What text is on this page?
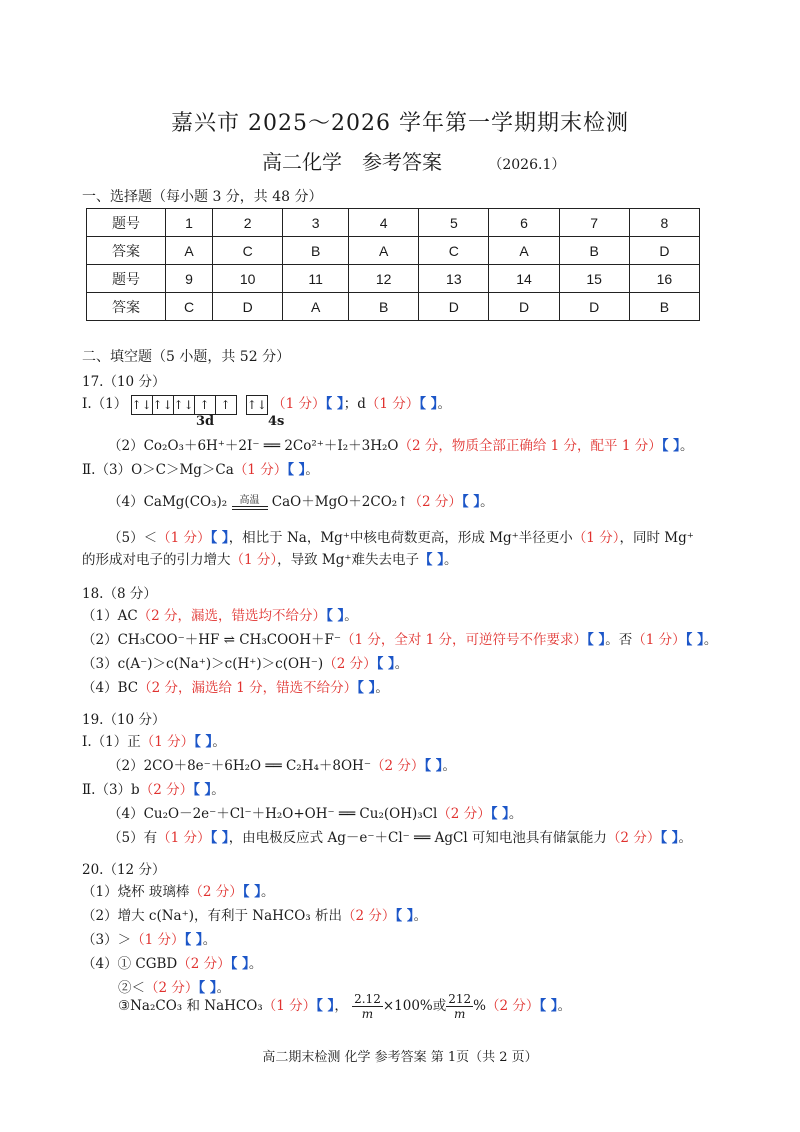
嘉兴市 2025～2026 学年第一学期期末检测
高二化学　参考答案	（2026.1）
一、选择题（每小题 3 分，共 48 分）
题号	1	2	3	4	5	6	7	8
答案	A	C	B	A	C	A	B	D
题号	9	10	11	12	13	14	15	16
答案	C	D	A	B	D	D	D	B
二、填空题（5 小题，共 52 分）
17.（10 分）
Ⅰ.（1） ↑↓↑↓↑↓ ↑ ↑ ↑↓ （1 分）【 】；d（1 分）【 】。
3d	4s
（2）Co₂O₃＋6H⁺＋2I⁻ ══ 2Co²⁺＋I₂＋3H₂O（2 分，物质全部正确给 1 分，配平 1 分）【 】。
Ⅱ.（3）O＞C＞Mg＞Ca（1 分）【 】。
（4）CaMg(CO₃)₂	高温 CaO＋MgO＋2CO₂↑（2 分）【 】。
（5）＜（1 分）【 】，相比于 Na，Mg⁺中核电荷数更高，形成 Mg⁺半径更小（1 分），同时 Mg⁺
的形成对电子的引力增大（1 分），导致 Mg⁺难失去电子【 】。
18.（8 分）
（1）AC（2 分，漏选，错选均不给分）【 】。
（2）CH₃COO⁻＋HF ⇌ CH₃COOH＋F⁻（1 分，全对 1 分，可逆符号不作要求）【 】。否（1 分）【 】。
（3）c(A⁻)＞c(Na⁺)＞c(H⁺)＞c(OH⁻)（2 分）【 】。
（4）BC（2 分，漏选给 1 分，错选不给分）【 】。
19.（10 分）
Ⅰ.（1）正（1 分）【 】。
（2）2CO＋8e⁻＋6H₂O ══ C₂H₄＋8OH⁻（2 分）【 】。
Ⅱ.（3）b（2 分）【 】。
（4）Cu₂O－2e⁻＋Cl⁻＋H₂O+OH⁻ ══ Cu₂(OH)₃Cl（2 分）【 】。
（5）有（1 分）【 】，由电极反应式 Ag－e⁻＋Cl⁻ ══ AgCl 可知电池具有储氯能力（2 分）【 】。
20.（12 分）
（1）烧杯 玻璃棒（2 分）【 】。
（2）增大 c(Na⁺)，有利于 NaHCO₃ 析出（2 分）【 】。
（3）＞（1 分）【 】。
（4）① CGBD（2 分）【 】。
②＜（2 分）【 】。
③Na₂CO₃ 和 NaHCO₃（1 分）【 】， $\frac{2.12}{m} \times 100\%$或 $\frac{212}{m} \%(2$ 分）【 】。
高二期末检测 化学 参考答案 第 1页（共 2 页）
